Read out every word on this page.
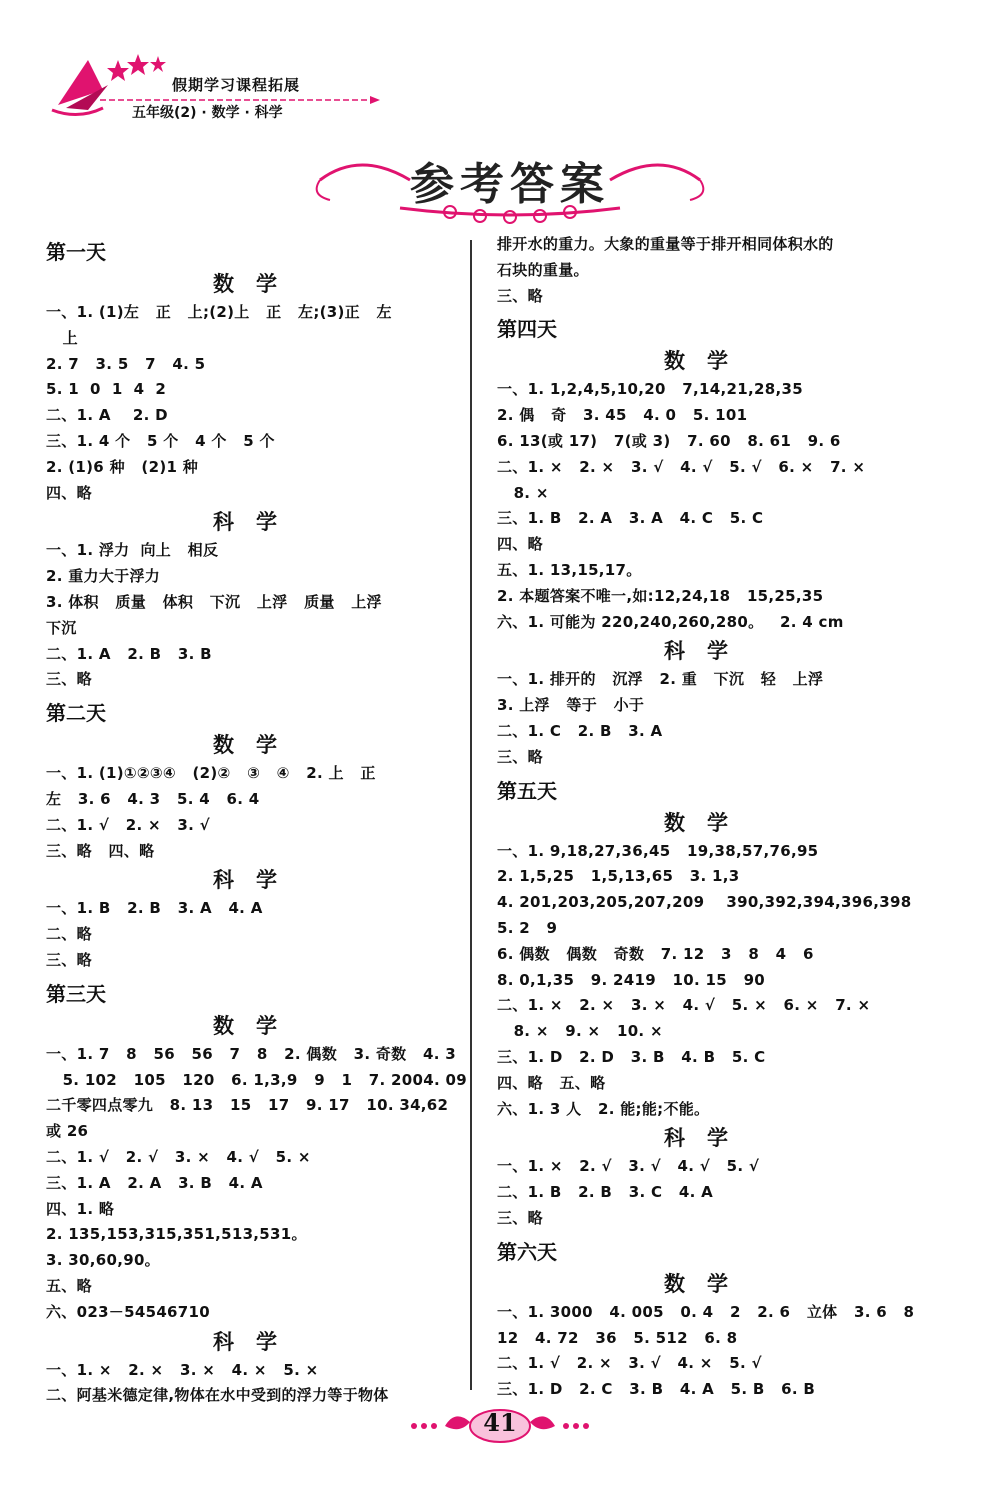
假期学习课程拓展
五年级(2) · 数学 · 科学
参考答案
第一天
数学
一、1. (1)左   正   上;(2)上   正   左;(3)正   左
上
2. 7   3. 5   7   4. 5
5. 1  0  1  4  2
二、1. A    2. D
三、1. 4 个   5 个   4 个   5 个
2. (1)6 种   (2)1 种
四、略
科学
一、1. 浮力  向上   相反
2. 重力大于浮力
3. 体积   质量   体积   下沉   上浮   质量   上浮
下沉
二、1. A   2. B   3. B
三、略
第二天
数学
一、1. (1)①②③④   (2)②   ③   ④   2. 上   正
左   3. 6   4. 3   5. 4   6. 4
二、1. √   2. ×   3. √
三、略   四、略
科学
一、1. B   2. B   3. A   4. A
二、略
三、略
第三天
数学
一、1. 7   8   56   56   7   8   2. 偶数   3. 奇数   4. 3
5. 102   105   120   6. 1,3,9   9   1   7. 2004. 09
二千零四点零九   8. 13   15   17   9. 17   10. 34,62
或 26
二、1. √   2. √   3. ×   4. √   5. ×
三、1. A   2. A   3. B   4. A
四、1. 略
2. 135,153,315,351,513,531。
3. 30,60,90。
五、略
六、023－54546710
科学
一、1. ×   2. ×   3. ×   4. ×   5. ×
二、阿基米德定律,物体在水中受到的浮力等于物体
排开水的重力。大象的重量等于排开相同体积水的
石块的重量。
三、略
第四天
数学
一、1. 1,2,4,5,10,20   7,14,21,28,35
2. 偶   奇   3. 45   4. 0   5. 101
6. 13(或 17)   7(或 3)   7. 60   8. 61   9. 6
二、1. ×   2. ×   3. √   4. √   5. √   6. ×   7. ×
8. ×
三、1. B   2. A   3. A   4. C   5. C
四、略
五、1. 13,15,17。
2. 本题答案不唯一,如:12,24,18   15,25,35
六、1. 可能为 220,240,260,280。   2. 4 cm
科学
一、1. 排开的   沉浮   2. 重   下沉   轻   上浮
3. 上浮   等于   小于
二、1. C   2. B   3. A
三、略
第五天
数学
一、1. 9,18,27,36,45   19,38,57,76,95
2. 1,5,25   1,5,13,65   3. 1,3
4. 201,203,205,207,209    390,392,394,396,398
5. 2   9
6. 偶数   偶数   奇数   7. 12   3   8   4   6
8. 0,1,35   9. 2419   10. 15   90
二、1. ×   2. ×   3. ×   4. √   5. ×   6. ×   7. ×
8. ×   9. ×   10. ×
三、1. D   2. D   3. B   4. B   5. C
四、略   五、略
六、1. 3 人   2. 能;能;不能。
科学
一、1. ×   2. √   3. √   4. √   5. √
二、1. B   2. B   3. C   4. A
三、略
第六天
数学
一、1. 3000   4. 005   0. 4   2   2. 6   立体   3. 6   8
12   4. 72   36   5. 512   6. 8
二、1. √   2. ×   3. √   4. ×   5. √
三、1. D   2. C   3. B   4. A   5. B   6. B
41
